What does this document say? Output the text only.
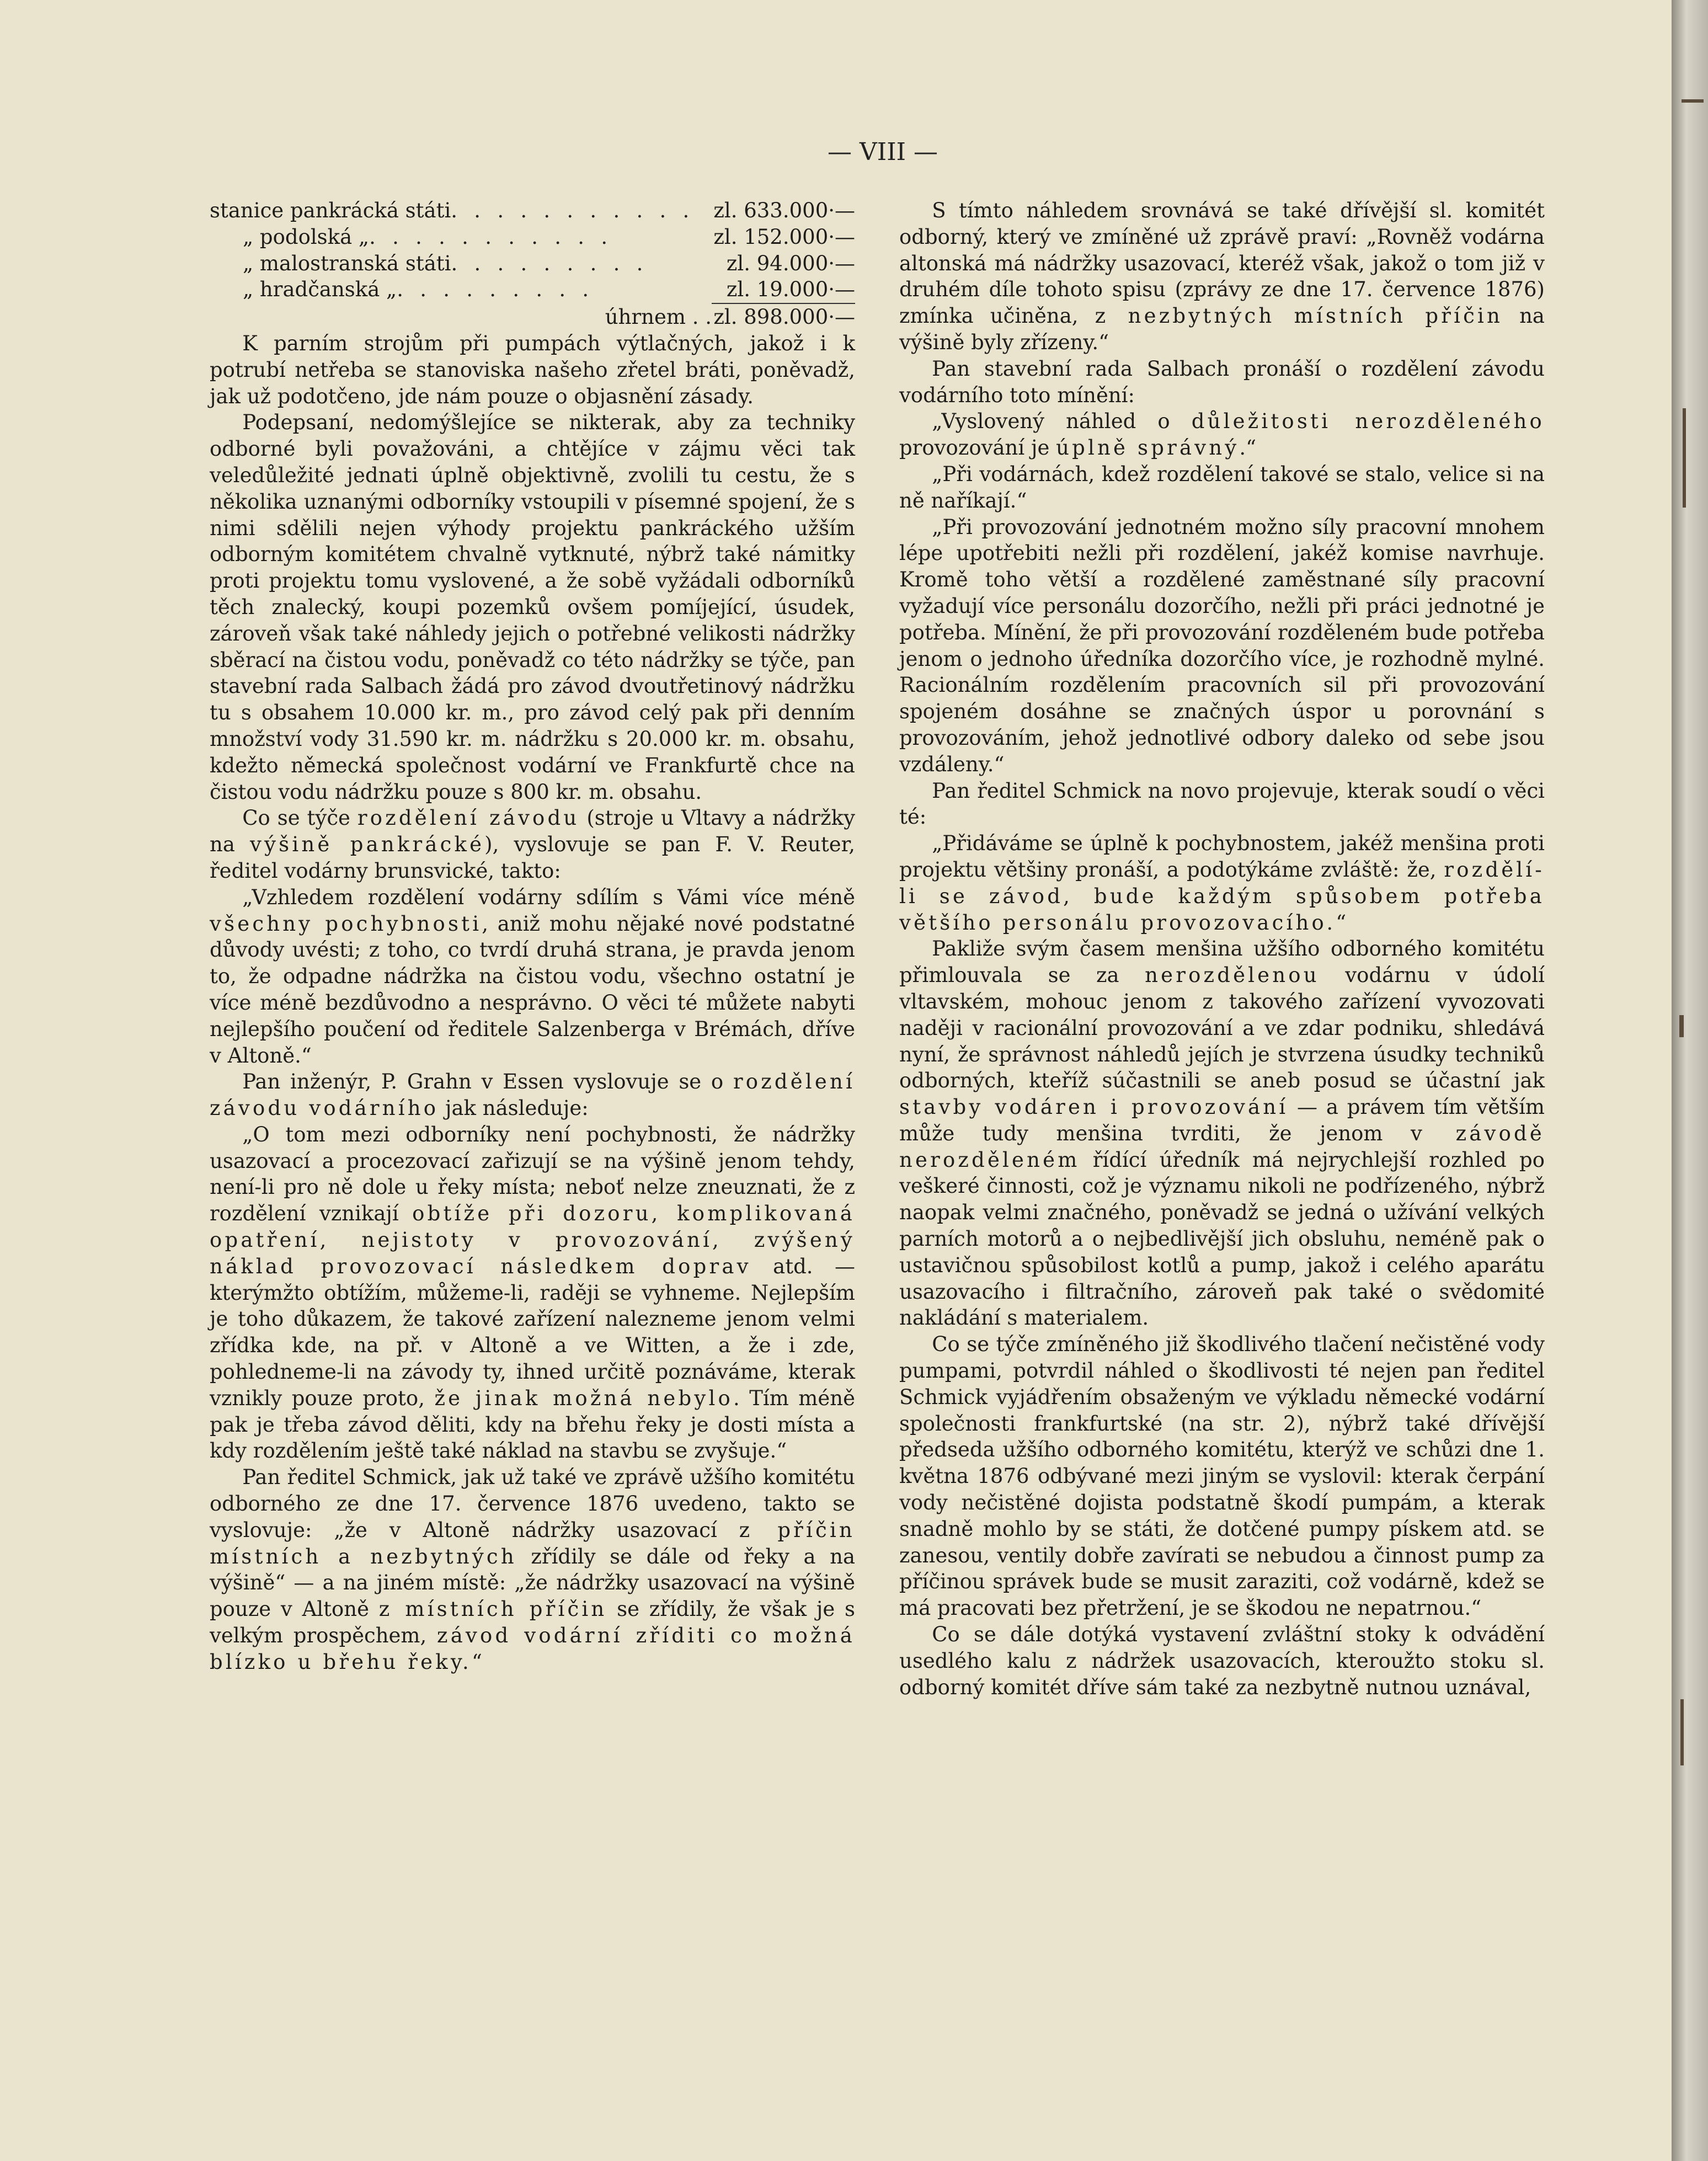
— VIII —
stanice pankrácká státi . . . . . . . . . . . zl. 633.000·—
„ podolská „ . . . . . . . . . . .	zl. 152.000·—
„ malostranská státi . . . . . . . . .	zl. 94.000·—
„ hradčanská „ . . . . . . . . .	zl. 19.000·—
úhrnem . . zl. 898.000·—

K parním strojům při pumpách výtlačných, jakož i k potrubí netřeba se stanoviska našeho zřetel bráti, poněvadž, jak už podotčeno, jde nám pouze o objasnění zásady.

Podepsaní, nedomýšlejíce se nikterak, aby za techniky odborné byli považováni, a chtějíce v zájmu věci tak veledůležité jednati úplně objektivně, zvolili tu cestu, že s několika uznanými odborníky vstoupili v písemné spojení, že s nimi sdělili nejen výhody projektu pankráckého užším odborným komitétem chvalně vytknuté, nýbrž také námitky proti projektu tomu vyslovené, a že sobě vyžádali odborníků těch znalecký, koupi pozemků ovšem pomíjející, úsudek, zároveň však také náhledy jejich o potřebné velikosti nádržky sběrací na čistou vodu, poněvadž co této nádržky se týče, pan stavební rada Salbach žádá pro závod dvoutřetinový nádržku tu s obsahem 10.000 kr. m., pro závod celý pak při denním množství vody 31.590 kr. m. nádržku s 20.000 kr. m. obsahu, kdežto německá společnost vodární ve Frankfurtě chce na čistou vodu nádržku pouze s 800 kr. m. obsahu.

Co se týče rozdělení závodu (stroje u Vltavy a nádržky na výšině pankrácké), vyslovuje se pan F. V. Reuter, ředitel vodárny brunsvické, takto:

„Vzhledem rozdělení vodárny sdílím s Vámi více méně všechny pochybnosti, aniž mohu nějaké nové podstatné důvody uvésti; z toho, co tvrdí druhá strana, je pravda jenom to, že odpadne nádržka na čistou vodu, všechno ostatní je více méně bezdůvodno a nesprávno. O věci té můžete nabyti nejlepšího poučení od ředitele Salzenberga v Brémách, dříve v Altoně.“

Pan inženýr, P. Grahn v Essen vyslovuje se o rozdělení závodu vodárního jak následuje:

„O tom mezi odborníky není pochybnosti, že nádržky usazovací a procezovací zařizují se na výšině jenom tehdy, není-li pro ně dole u řeky místa; neboť nelze zneuznati, že z rozdělení vznikají obtíže při dozoru, komplikovaná opatření, nejistoty v provozování, zvýšený náklad provozovací následkem doprav atd. — kterýmžto obtížím, můžeme-li, raději se vyhneme. Nejlepším je toho důkazem, že takové zařízení nalezneme jenom velmi zřídka kde, na př. v Altoně a ve Witten, a že i zde, pohledneme-li na závody ty, ihned určitě poznáváme, kterak vznikly pouze proto, že jinak možná nebylo. Tím méně pak je třeba závod děliti, kdy na břehu řeky je dosti místa a kdy rozdělením ještě také náklad na stavbu se zvyšuje.“

Pan ředitel Schmick, jak už také ve zprávě užšího komitétu odborného ze dne 17. července 1876 uvedeno, takto se vyslovuje: „že v Altoně nádržky usazovací z příčin místních a nezbytných zřídily se dále od řeky a na výšině“ — a na jiném místě: „že nádržky usazovací na výšině pouze v Altoně z místních příčin se zřídily, že však je s velkým prospěchem, závod vodární zříditi co možná blízko u břehu řeky.“

S tímto náhledem srovnává se také dřívější sl. komitét odborný, který ve zmíněné už zprávě praví: „Rovněž vodárna altonská má nádržky usazovací, kteréž však, jakož o tom již v druhém díle tohoto spisu (zprávy ze dne 17. července 1876) zmínka učiněna, z nezbytných místních příčin na výšině byly zřízeny.“

Pan stavební rada Salbach pronáší o rozdělení závodu vodárního toto mínění:

„Vyslovený náhled o důležitosti nerozděleného provozování je úplně správný.“

„Při vodárnách, kdež rozdělení takové se stalo, velice si na ně naříkají.“

„Při provozování jednotném možno síly pracovní mnohem lépe upotřebiti nežli při rozdělení, jakéž komise navrhuje. Kromě toho větší a rozdělené zaměstnané síly pracovní vyžadují více personálu dozorčího, nežli při práci jednotné je potřeba. Mínění, že při provozování rozděleném bude potřeba jenom o jednoho úředníka dozorčího více, je rozhodně mylné. Racionálním rozdělením pracovních sil při provozování spojeném dosáhne se značných úspor u porovnání s provozováním, jehož jednotlivé odbory daleko od sebe jsou vzdáleny.“

Pan ředitel Schmick na novo projevuje, kterak soudí o věci té:

„Přidáváme se úplně k pochybnostem, jakéž menšina proti projektu většiny pronáší, a podotýkáme zvláště: že, rozdělí-li se závod, bude každým spůsobem potřeba většího personálu provozovacího.“

Pakliže svým časem menšina užšího odborného komitétu přimlouvala se za nerozdělenou vodárnu v údolí vltavském, mohouc jenom z takového zařízení vyvozovati naději v racionální provozování a ve zdar podniku, shledává nyní, že správnost náhledů jejích je stvrzena úsudky techniků odborných, kteříž súčastnili se aneb posud se účastní jak stavby vodáren i provozování — a právem tím větším může tudy menšina tvrditi, že jenom v závodě nerozděleném řídící úředník má nejrychlejší rozhled po veškeré činnosti, což je významu nikoli ne podřízeného, nýbrž naopak velmi značného, poněvadž se jedná o užívání velkých parních motorů a o nejbedlivější jich obsluhu, neméně pak o ustavičnou spůsobilost kotlů a pump, jakož i celého aparátu usazovacího i filtračního, zároveň pak také o svědomité nakládání s materialem.

Co se týče zmíněného již škodlivého tlačení nečistěné vody pumpami, potvrdil náhled o škodlivosti té nejen pan ředitel Schmick vyjádřením obsaženým ve výkladu německé vodární společnosti frankfurtské (na str. 2), nýbrž také dřívější předseda užšího odborného komitétu, kterýž ve schůzi dne 1. května 1876 odbývané mezi jiným se vyslovil: kterak čerpání vody nečistěné dojista podstatně škodí pumpám, a kterak snadně mohlo by se státi, že dotčené pumpy pískem atd. se zanesou, ventily dobře zavírati se nebudou a činnost pump za příčinou správek bude se musit zaraziti, což vodárně, kdež se má pracovati bez přetržení, je se škodou ne nepatrnou.“

Co se dále dotýká vystavení zvláštní stoky k odvádění usedlého kalu z nádržek usazovacích, kteroužto stoku sl. odborný komitét dříve sám také za nezbytně nutnou uznával,
